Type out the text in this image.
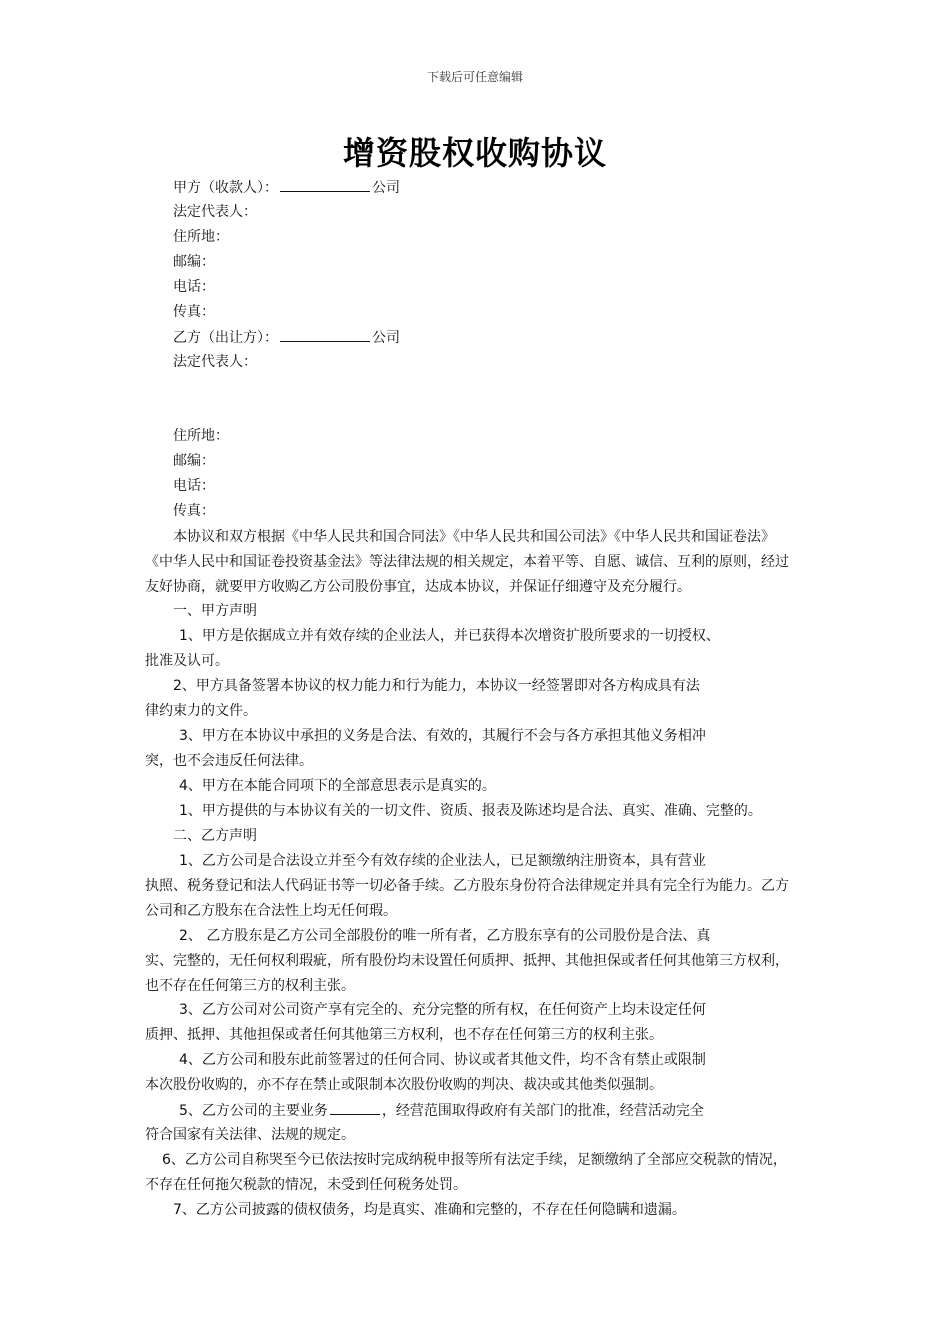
下载后可任意编辑
增资股权收购协议
甲方（收款人）：	公司
法定代表人：
住所地：
邮编：
电话：
传真：
乙方（出让方）：	公司
法定代表人：
住所地：
邮编：
电话：
传真：
本协议和双方根据《中华人民共和国合同法》《中华人民共和国公司法》《中华人民共和国证卷法》
《中华人民中和国证卷投资基金法》等法律法规的相关规定，本着平等、自愿、诚信、互利的原则，经过
友好协商，就要甲方收购乙方公司股份事宜，达成本协议，并保证仔细遵守及充分履行。
一、甲方声明
1、甲方是依据成立并有效存续的企业法人，并已获得本次增资扩股所要求的一切授权、
批准及认可。
2、甲方具备签署本协议的权力能力和行为能力，本协议一经签署即对各方构成具有法
律约束力的文件。
3、甲方在本协议中承担的义务是合法、有效的，其履行不会与各方承担其他义务相冲
突，也不会违反任何法律。
4、甲方在本能合同项下的全部意思表示是真实的。
1、甲方提供的与本协议有关的一切文件、资质、报表及陈述均是合法、真实、准确、完整的。
二、乙方声明
1、乙方公司是合法设立并至今有效存续的企业法人，已足额缴纳注册资本，具有营业
执照、税务登记和法人代码证书等一切必备手续。乙方股东身份符合法律规定并具有完全行为能力。乙方
公司和乙方股东在合法性上均无任何瑕。
2、 乙方股东是乙方公司全部股份的唯一所有者，乙方股东享有的公司股份是合法、真
实、完整的，无任何权利瑕疵，所有股份均未设置任何质押、抵押、其他担保或者任何其他第三方权利，
也不存在任何第三方的权利主张。
3、乙方公司对公司资产享有完全的、充分完整的所有权，在任何资产上均未设定任何
质押、抵押、其他担保或者任何其他第三方权利，也不存在任何第三方的权利主张。
4、乙方公司和股东此前签署过的任何合同、协议或者其他文件，均不含有禁止或限制
本次股份收购的，亦不存在禁止或限制本次股份收购的判决、裁决或其他类似强制。
5、乙方公司的主要业务	，经营范围取得政府有关部门的批准，经营活动完全
符合国家有关法律、法规的规定。
6、乙方公司自称哭至今已依法按时完成纳税申报等所有法定手续，足额缴纳了全部应交税款的情况，
不存在任何拖欠税款的情况，未受到任何税务处罚。
7、乙方公司披露的债权债务，均是真实、准确和完整的，不存在任何隐瞒和遗漏。
